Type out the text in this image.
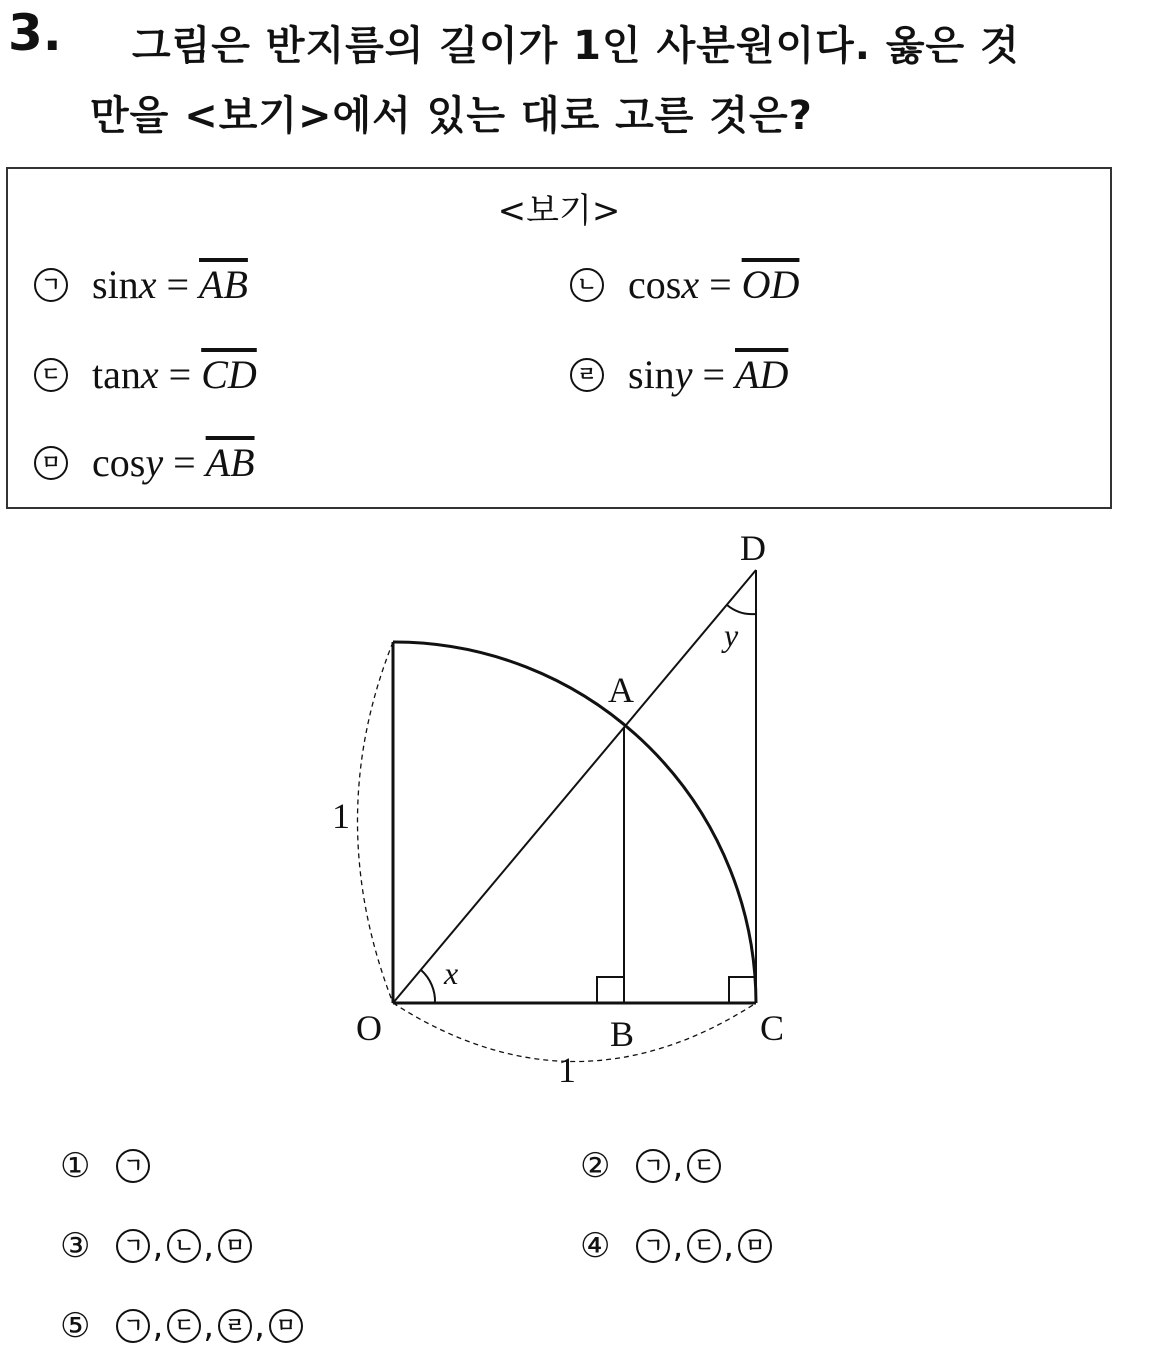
3. 그림은 반지름의 길이가 1인 사분원이다. 옳은 것
만을 <보기>에서 있는 대로 고른 것은?
<보기>
ㄱ $\sin x = \overline{AB}$	ㄴ $\cos x = \overline{OD}$
ㄷ $\tan x = \overline{CD}$	ㄹ $\sin y = \overline{AD}$
ㅁ $\cos y = \overline{AB}$
D
A
O	B	C
x
y
1
1
①	ㄱ	②	ㄱ , ㄷ
③	ㄱ , ㄴ , ㅁ	④	ㄱ , ㄷ , ㅁ
⑤	ㄱ , ㄷ , ㄹ , ㅁ
